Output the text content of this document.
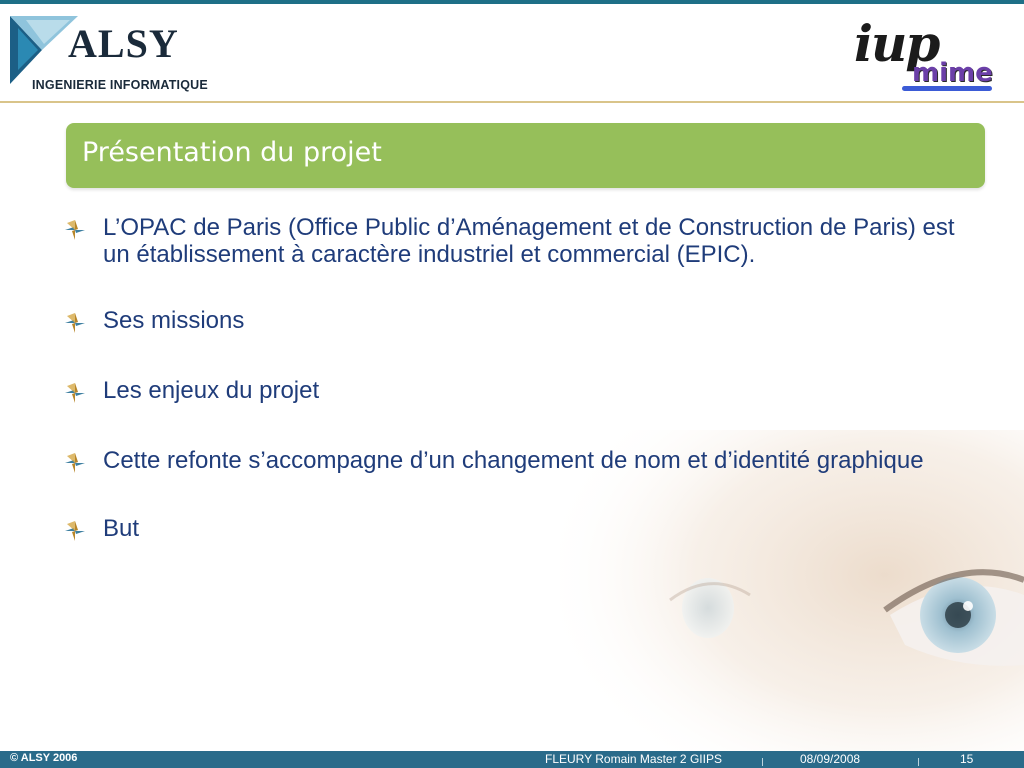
ALSY
INGENIERIE INFORMATIQUE
iup
mime
Présentation du projet
L’OPAC de Paris (Office Public d’Aménagement et de Construction de Paris) est un établissement à caractère industriel et commercial (EPIC).
Ses missions
Les enjeux du projet
Cette refonte s’accompagne d’un changement de nom et d’identité graphique
But
© ALSY 2006	FLEURY Romain Master 2 GIIPS	08/09/2008	15
